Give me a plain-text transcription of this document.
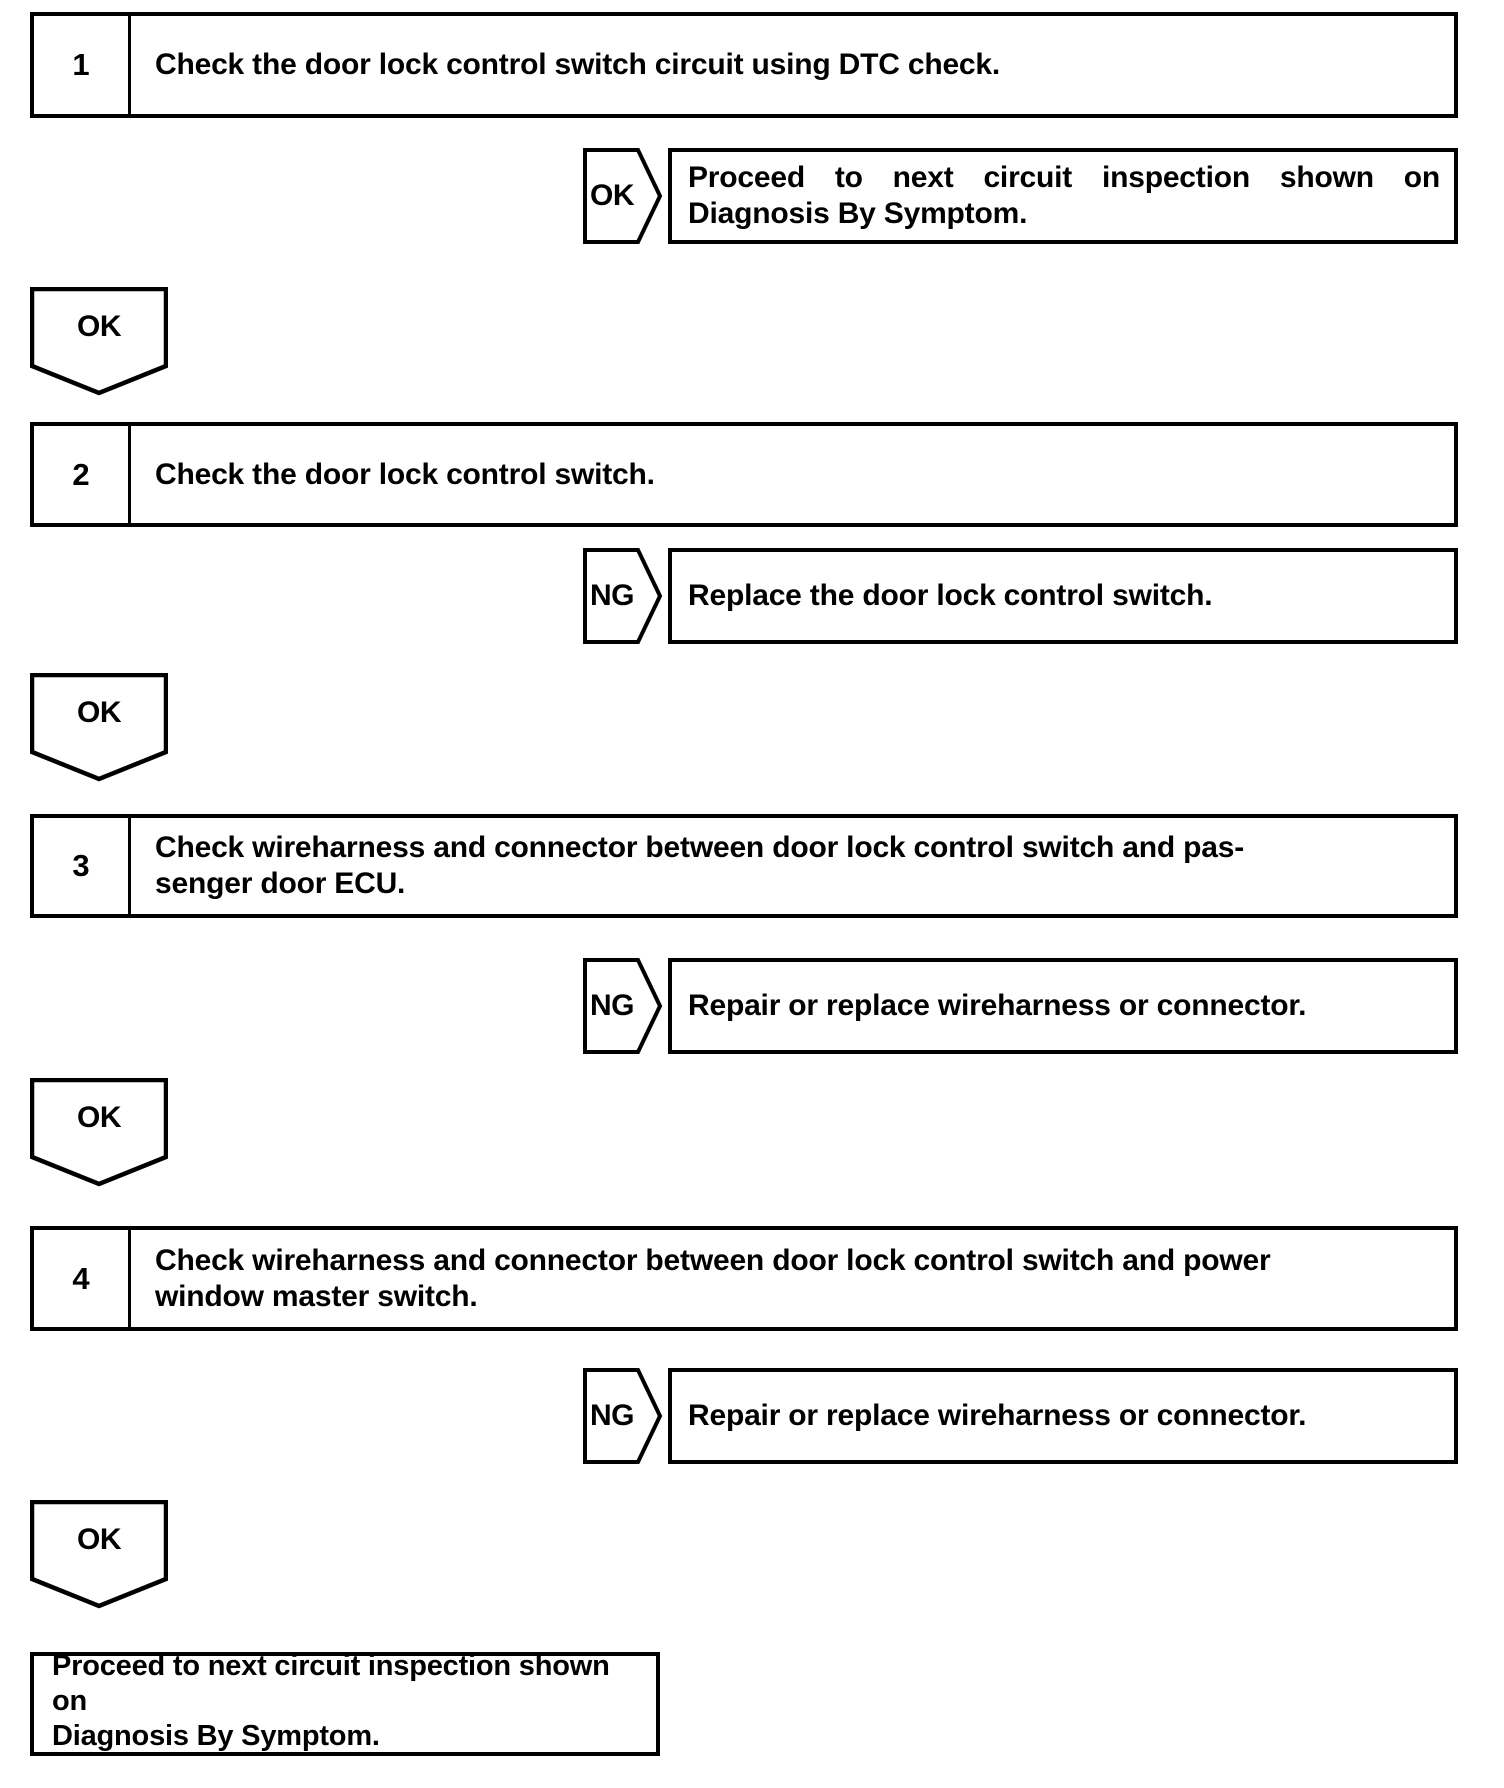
1	Check the door lock control switch circuit using DTC check.
OK
Proceed to next circuit inspection shown on
Diagnosis By Symptom.
OK
2	Check the door lock control switch.
NG Replace the door lock control switch.
OK
3
Check wireharness and connector between door lock control switch and pas-
senger door ECU.
NG Repair or replace wireharness or connector.
OK
4
Check wireharness and connector between door lock control switch and power
window master switch.
NG Repair or replace wireharness or connector.
OK
Proceed to next circuit inspection shown on
Diagnosis By Symptom.
